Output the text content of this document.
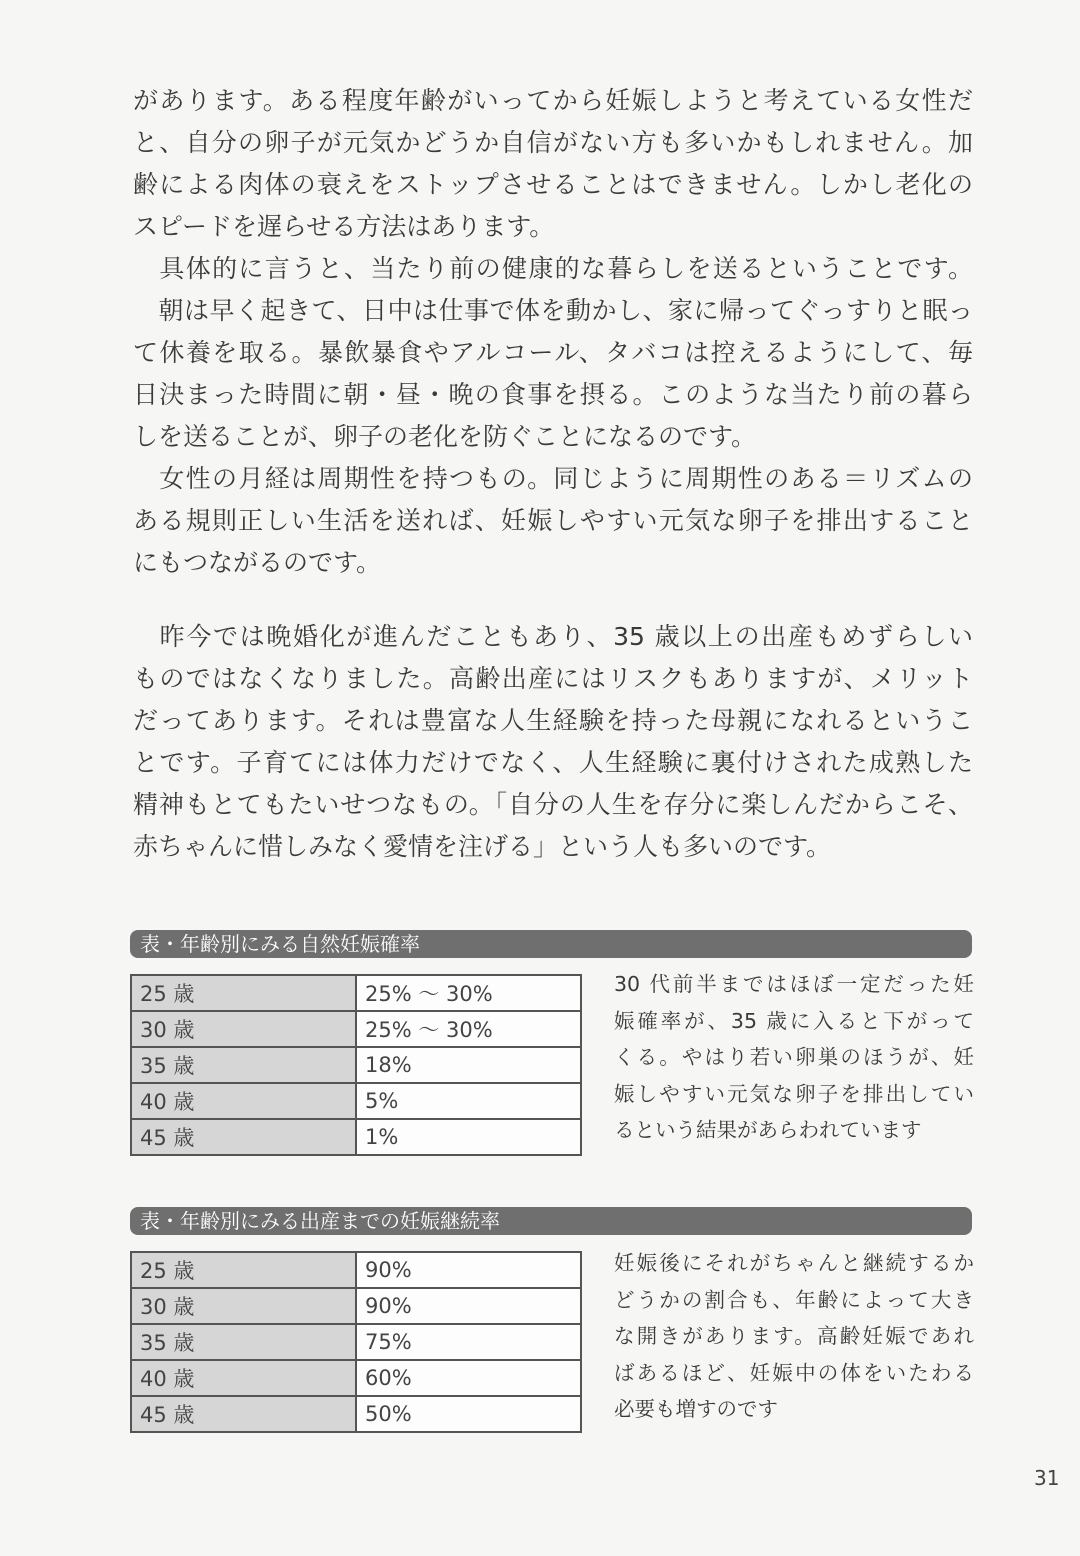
があります。ある程度年齢がいってから妊娠しようと考えている女性だ
と、自分の卵子が元気かどうか自信がない方も多いかもしれません。加
齢による肉体の衰えをストップさせることはできません。しかし老化の
スピードを遅らせる方法はあります。
　具体的に言うと、当たり前の健康的な暮らしを送るということです。
　朝は早く起きて、日中は仕事で体を動かし、家に帰ってぐっすりと眠っ
て休養を取る。暴飲暴食やアルコール、タバコは控えるようにして、毎
日決まった時間に朝・昼・晩の食事を摂る。このような当たり前の暮ら
しを送ることが、卵子の老化を防ぐことになるのです。
　女性の月経は周期性を持つもの。同じように周期性のある＝リズムの
ある規則正しい生活を送れば、妊娠しやすい元気な卵子を排出すること
にもつながるのです。
　昨今では晩婚化が進んだこともあり、35 歳以上の出産もめずらしい
ものではなくなりました。高齢出産にはリスクもありますが、メリット
だってあります。それは豊富な人生経験を持った母親になれるというこ
とです。子育てには体力だけでなく、人生経験に裏付けされた成熟した
精神もとてもたいせつなもの。「自分の人生を存分に楽しんだからこそ、
赤ちゃんに惜しみなく愛情を注げる」という人も多いのです。
表・年齢別にみる自然妊娠確率
25 歳	25% ～ 30%
30 歳	25% ～ 30%
35 歳	18%
40 歳	5%
45 歳	1%
30 代前半まではほぼ一定だった妊
娠確率が、35 歳に入ると下がって
くる。やはり若い卵巣のほうが、妊
娠しやすい元気な卵子を排出してい
るという結果があらわれています
表・年齢別にみる出産までの妊娠継続率
25 歳	90%
30 歳	90%
35 歳	75%
40 歳	60%
45 歳	50%
妊娠後にそれがちゃんと継続するか
どうかの割合も、年齢によって大き
な開きがあります。高齢妊娠であれ
ばあるほど、妊娠中の体をいたわる
必要も増すのです
31
